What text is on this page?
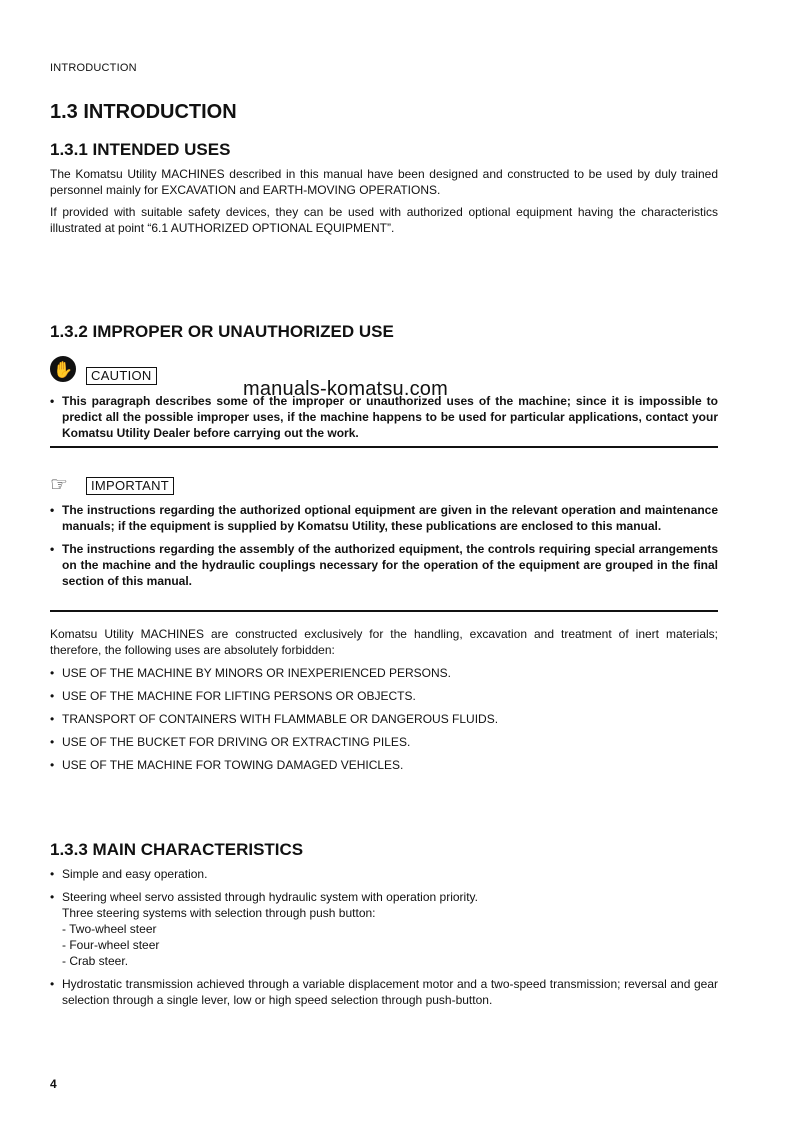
INTRODUCTION
1.3 INTRODUCTION
1.3.1 INTENDED USES

The Komatsu Utility MACHINES described in this manual have been designed and constructed to be used by duly trained personnel mainly for EXCAVATION and EARTH-MOVING OPERATIONS.

If provided with suitable safety devices, they can be used with authorized optional equipment having the characteristics illustrated at point “6.1 AUTHORIZED OPTIONAL EQUIPMENT”.

1.3.2 IMPROPER OR UNAUTHORIZED USE
✋	CAUTION
• This paragraph describes some of the improper or unauthorized uses of the machine; since it is impossible to predict all the possible improper uses, if the machine happens to be used for particular applications, contact your Komatsu Utility Dealer before carrying out the work.
☞	IMPORTANT
• The instructions regarding the authorized optional equipment are given in the relevant operation and maintenance manuals; if the equipment is supplied by Komatsu Utility, these publications are enclosed to this manual.
• The instructions regarding the assembly of the authorized equipment, the controls requiring special arrangements on the machine and the hydraulic couplings necessary for the operation of the equipment are grouped in the final section of this manual.

Komatsu Utility MACHINES are constructed exclusively for the handling, excavation and treatment of inert materials; therefore, the following uses are absolutely forbidden:

• USE OF THE MACHINE BY MINORS OR INEXPERIENCED PERSONS.
• USE OF THE MACHINE FOR LIFTING PERSONS OR OBJECTS.
• TRANSPORT OF CONTAINERS WITH FLAMMABLE OR DANGEROUS FLUIDS.
• USE OF THE BUCKET FOR DRIVING OR EXTRACTING PILES.
• USE OF THE MACHINE FOR TOWING DAMAGED VEHICLES.
1.3.3 MAIN CHARACTERISTICS
• Simple and easy operation.
• Steering wheel servo assisted through hydraulic system with operation priority.
Three steering systems with selection through push button:
- Two-wheel steer
- Four-wheel steer
- Crab steer.
• Hydrostatic transmission achieved through a variable displacement motor and a two-speed transmission; reversal and gear selection through a single lever, low or high speed selection through push-button.
4
manuals-komatsu.com
